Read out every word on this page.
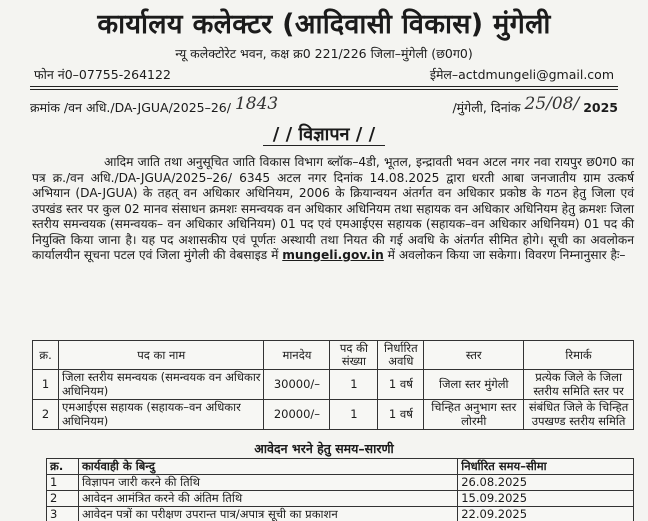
कार्यालय कलेक्टर (आदिवासी विकास) मुंगेली
न्यू कलेक्टोरेट भवन, कक्ष क्र0 221/226 जिला–मुंगेली (छ0ग0)
फोन नं0–07755-264122	ईमेल–actdmungeli@gmail.com
क्रमांक /वन अधि./DA-JGUA/2025–26/ 1843	/मुंगेली, दिनांक 25/08/ 2025
/ / विज्ञापन / /

आदिम जाति तथा अनुसूचित जाति विकास विभाग ब्लॉक–4डी, भूतल, इन्द्रावती भवन अटल नगर नवा रायपुर छ0ग0 का पत्र क्र./वन अधि./DA-JGUA/2025–26/ 6345 अटल नगर दिनांक 14.08.2025 द्वारा धरती आबा जनजातीय ग्राम उत्कर्ष अभियान (DA-JGUA) के तहत् वन अधिकार अधिनियम, 2006 के क्रियान्वयन अंतर्गत वन अधिकार प्रकोष्ठ के गठन हेतु जिला एवं उपखंड स्तर पर कुल 02 मानव संसाधन क्रमशः समन्वयक वन अधिकार अधिनियम तथा सहायक वन अधिकार अधिनियम हेतु क्रमशः जिला स्तरीय समन्वयक (समन्वयक– वन अधिकार अधिनियम) 01 पद एवं एमआईएस सहायक (सहायक–वन अधिकार अधिनियम) 01 पद की नियुक्ति किया जाना है। यह पद अशासकीय एवं पूर्णतः अस्थायी तथा नियत की गई अवधि के अंतर्गत सीमित होगे। सूची का अवलोकन कार्यालयीन सूचना पटल एवं जिला मुंगेली की वेबसाइड में mungeli.gov.in में अवलोकन किया जा सकेगा। विवरण निम्नानुसार हैः–

क्र.	पद का नाम	मानदेय	पद की संख्या	निर्धारित अवधि	स्तर	रिमार्क
1	जिला स्तरीय समन्वयक (समन्वयक वन अधिकार अधिनियम)	30000/–	1	1 वर्ष	जिला स्तर मुंगेली	प्रत्येक जिले के जिला स्तरीय समिति स्तर पर
2	एमआईएस सहायक (सहायक–वन अधिकार अधिनियम)	20000/–	1	1 वर्ष	चिन्हित अनुभाग स्तर लोरमी	संबंधित जिले के चिन्हित उपखण्ड स्तरीय समिति
आवेदन भरने हेतु समय–सारणी
क्र.	कार्यवाही के बिन्दु	निर्धारित समय–सीमा
1	विज्ञापन जारी करने की तिथि	26.08.2025
2	आवेदन आमंत्रित करने की अंतिम तिथि	15.09.2025
3	आवेदन पत्रों का परीक्षण उपरान्त पात्र/अपात्र सूची का प्रकाशन	22.09.2025
